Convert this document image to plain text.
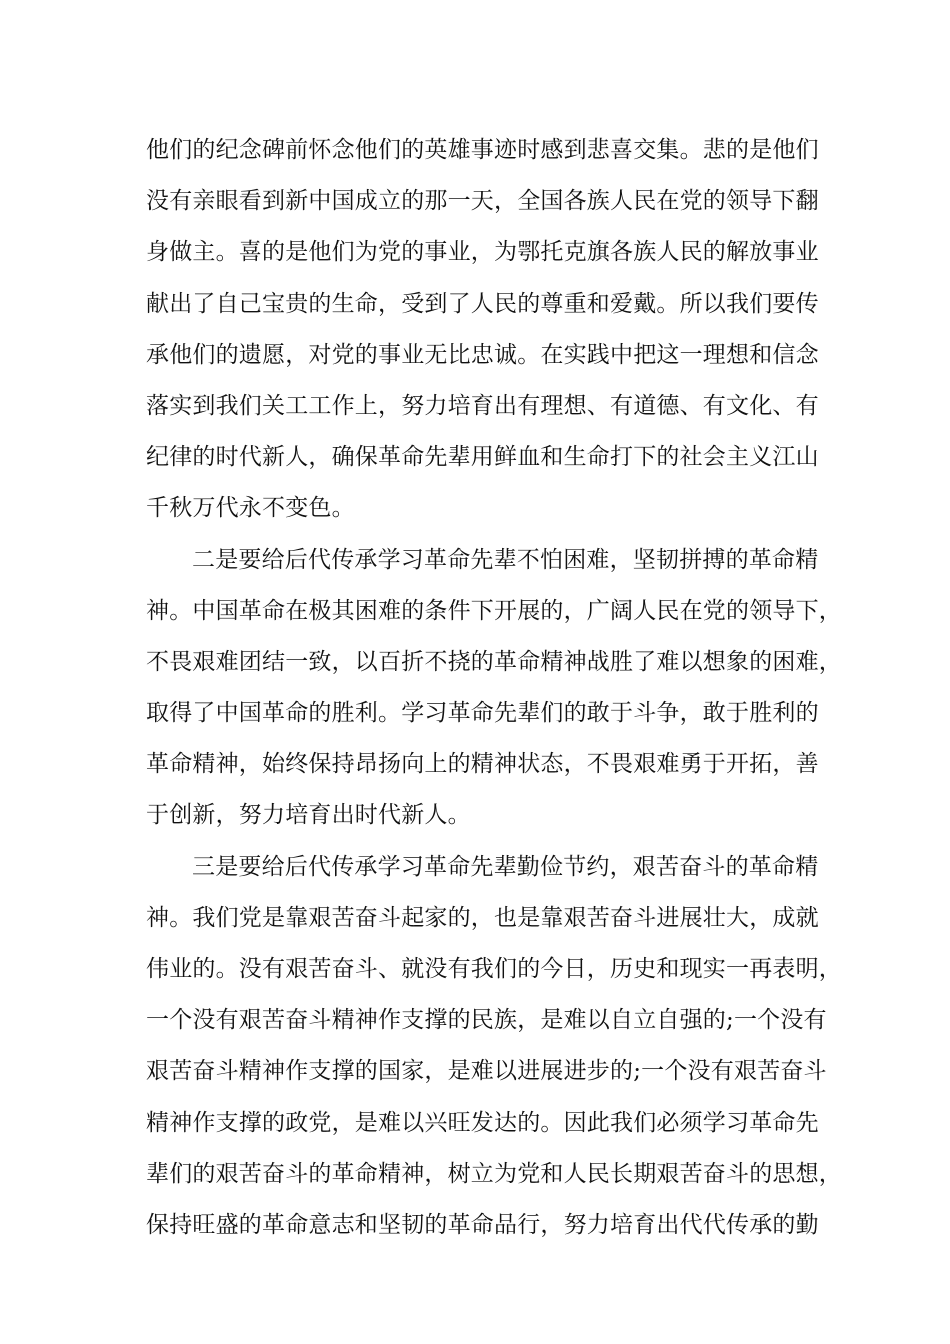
他们的纪念碑前怀念他们的英雄事迹时感到悲喜交集。悲的是他们
没有亲眼看到新中国成立的那一天，全国各族人民在党的领导下翻
身做主。喜的是他们为党的事业，为鄂托克旗各族人民的解放事业
献出了自己宝贵的生命，受到了人民的尊重和爱戴。所以我们要传
承他们的遗愿，对党的事业无比忠诚。在实践中把这一理想和信念
落实到我们关工工作上，努力培育出有理想、有道德、有文化、有
纪律的时代新人，确保革命先辈用鲜血和生命打下的社会主义江山
千秋万代永不变色。
二是要给后代传承学习革命先辈不怕困难，坚韧拼搏的革命精
神。中国革命在极其困难的条件下开展的，广阔人民在党的领导下，
不畏艰难团结一致，以百折不挠的革命精神战胜了难以想象的困难，
取得了中国革命的胜利。学习革命先辈们的敢于斗争，敢于胜利的
革命精神，始终保持昂扬向上的精神状态，不畏艰难勇于开拓，善
于创新，努力培育出时代新人。
三是要给后代传承学习革命先辈勤俭节约，艰苦奋斗的革命精
神。我们党是靠艰苦奋斗起家的，也是靠艰苦奋斗进展壮大，成就
伟业的。没有艰苦奋斗、就没有我们的今日，历史和现实一再表明，
一个没有艰苦奋斗精神作支撑的民族，是难以自立自强的;一个没有
艰苦奋斗精神作支撑的国家，是难以进展进步的;一个没有艰苦奋斗
精神作支撑的政党，是难以兴旺发达的。因此我们必须学习革命先
辈们的艰苦奋斗的革命精神，树立为党和人民长期艰苦奋斗的思想，
保持旺盛的革命意志和坚韧的革命品行，努力培育出代代传承的勤
